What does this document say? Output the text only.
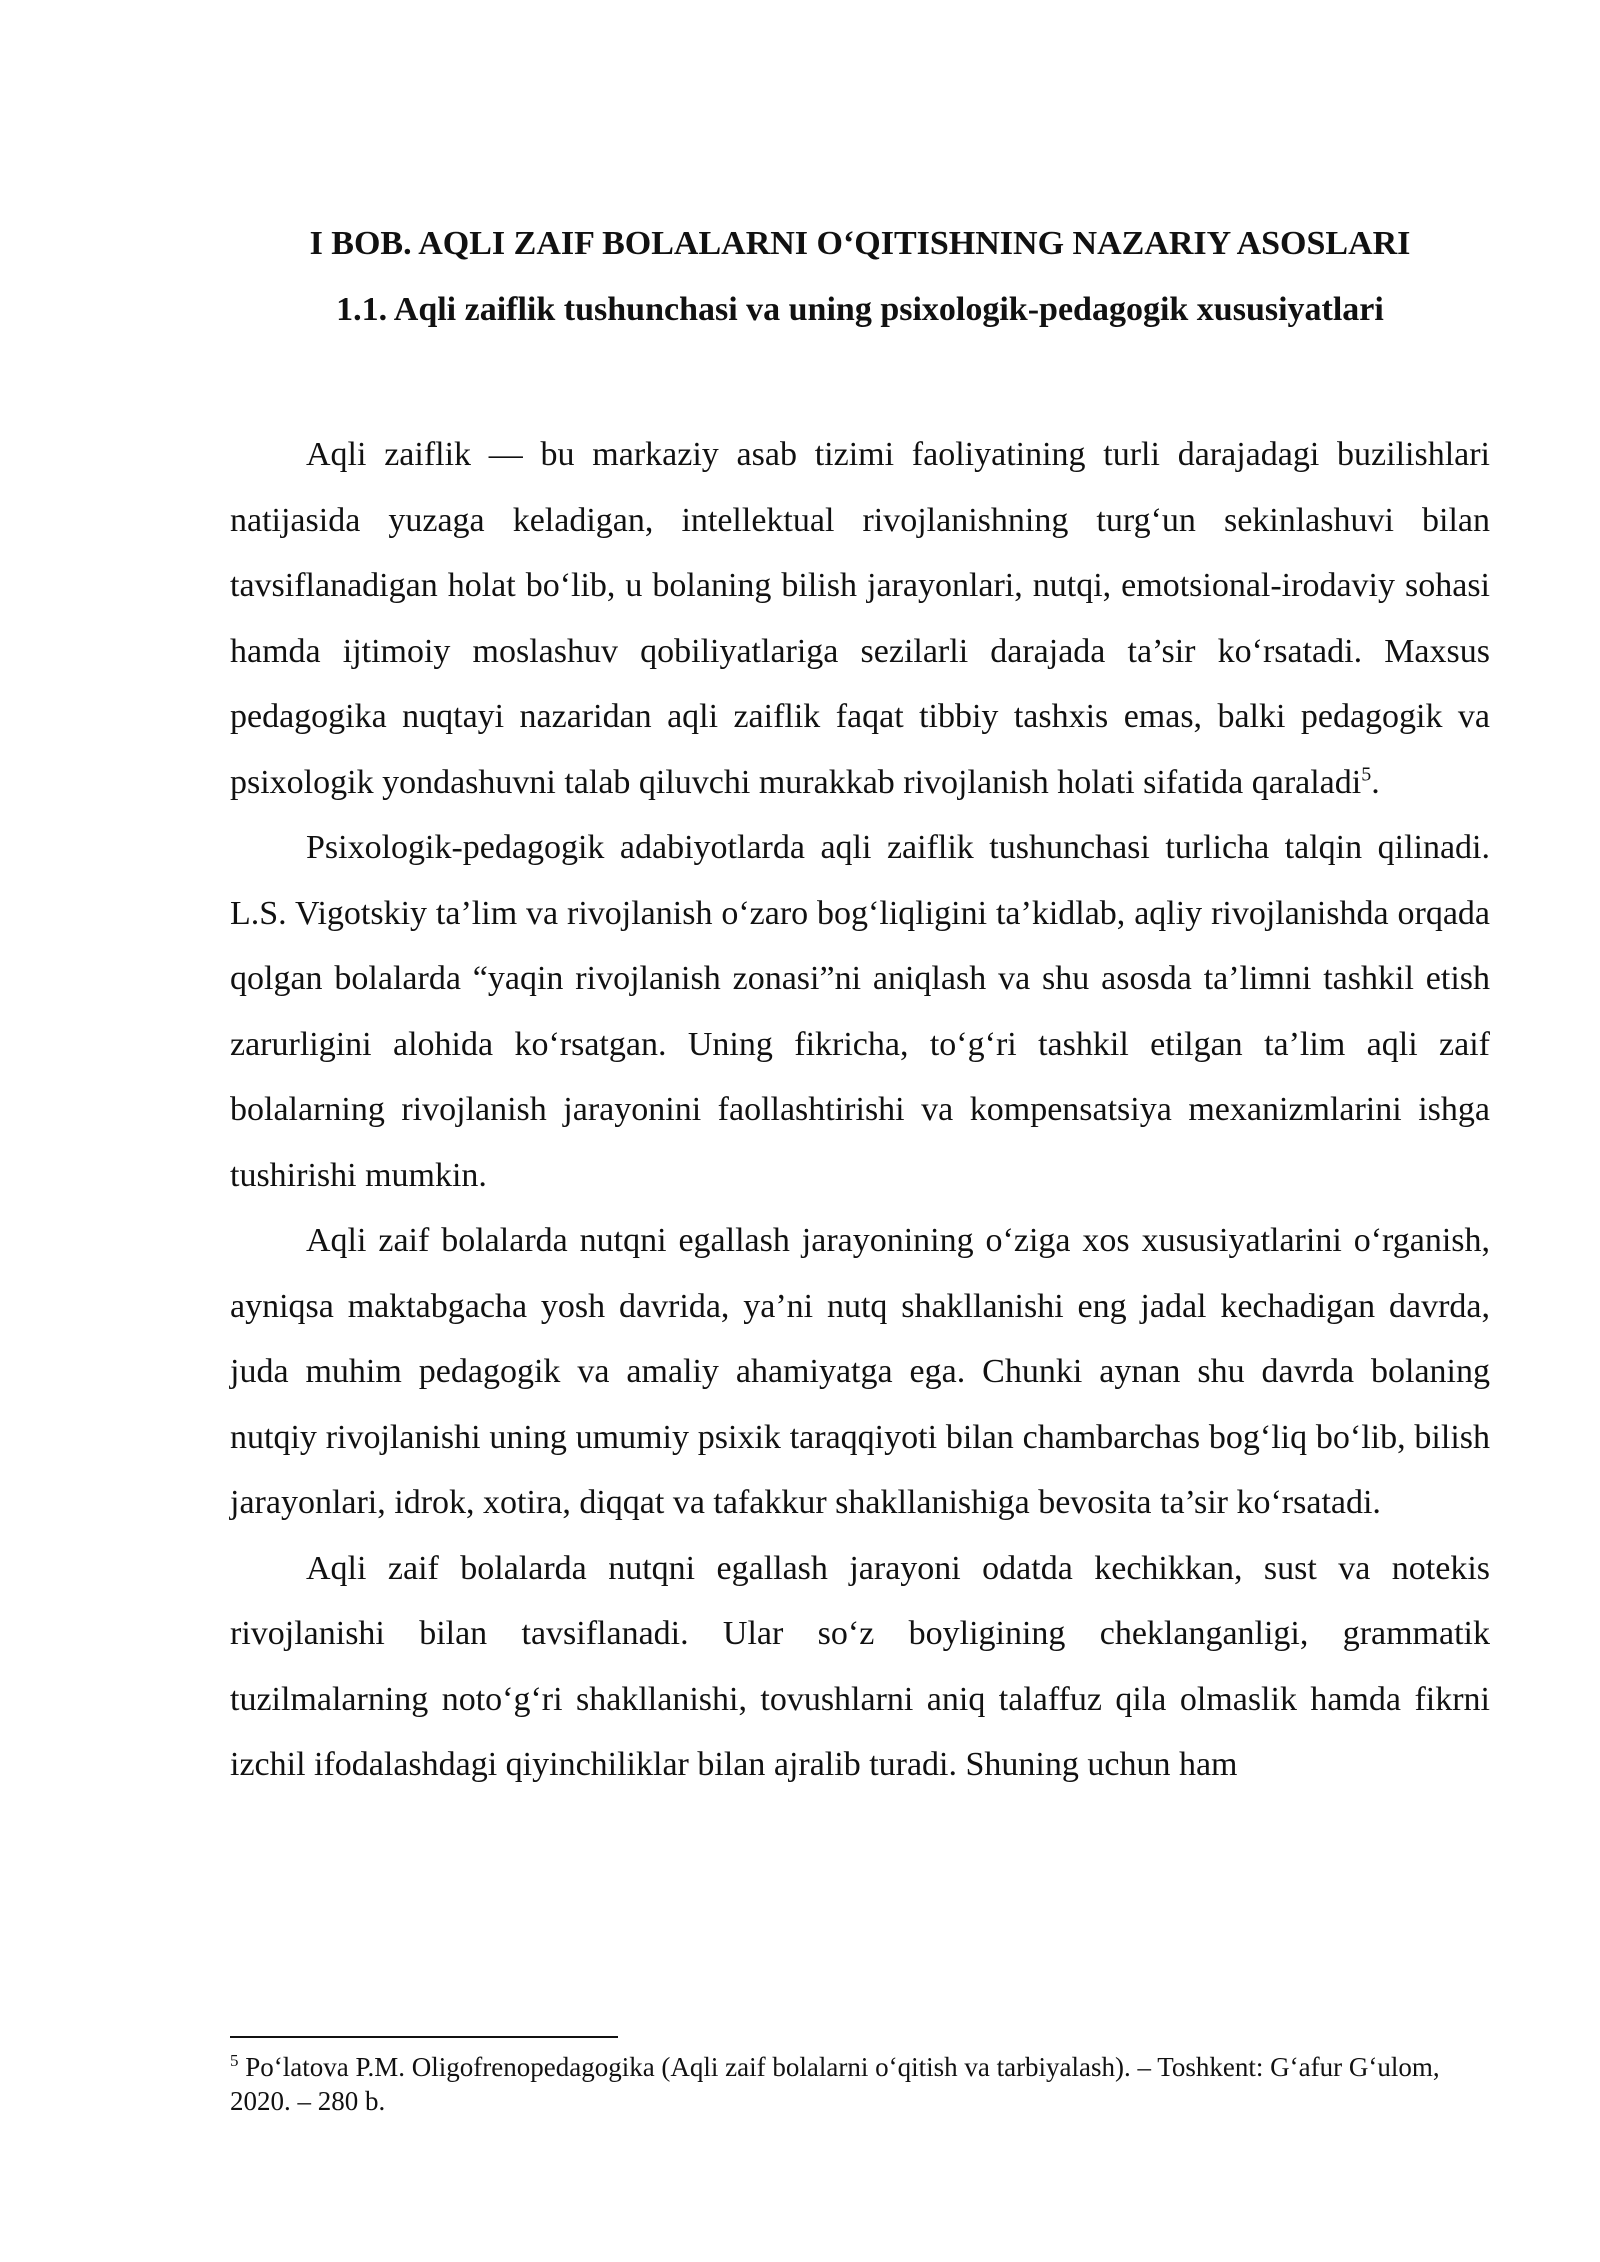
I BOB. AQLI ZAIF BOLALARNI O‘QITISHNING NAZARIY ASOSLARI
1.1. Aqli zaiflik tushunchasi va uning psixologik-pedagogik xususiyatlari

Aqli zaiflik — bu markaziy asab tizimi faoliyatining turli darajadagi buzilishlari natijasida yuzaga keladigan, intellektual rivojlanishning turg‘un sekinlashuvi bilan tavsiflanadigan holat bo‘lib, u bolaning bilish jarayonlari, nutqi, emotsional-irodaviy sohasi hamda ijtimoiy moslashuv qobiliyatlariga sezilarli darajada ta’sir ko‘rsatadi. Maxsus pedagogika nuqtayi nazaridan aqli zaiflik faqat tibbiy tashxis emas, balki pedagogik va psixologik yondashuvni talab qiluvchi murakkab rivojlanish holati sifatida qaraladi$^5$.

Psixologik-pedagogik adabiyotlarda aqli zaiflik tushunchasi turlicha talqin qilinadi. L.S. Vigotskiy ta’lim va rivojlanish o‘zaro bog‘liqligini ta’kidlab, aqliy rivojlanishda orqada qolgan bolalarda “yaqin rivojlanish zonasi”ni aniqlash va shu asosda ta’limni tashkil etish zarurligini alohida ko‘rsatgan. Uning fikricha, to‘g‘ri tashkil etilgan ta’lim aqli zaif bolalarning rivojlanish jarayonini faollashtirishi va kompensatsiya mexanizmlarini ishga tushirishi mumkin.

Aqli zaif bolalarda nutqni egallash jarayonining o‘ziga xos xususiyatlarini o‘rganish, ayniqsa maktabgacha yosh davrida, ya’ni nutq shakllanishi eng jadal kechadigan davrda, juda muhim pedagogik va amaliy ahamiyatga ega. Chunki aynan shu davrda bolaning nutqiy rivojlanishi uning umumiy psixik taraqqiyoti bilan chambarchas bog‘liq bo‘lib, bilish jarayonlari, idrok, xotira, diqqat va tafakkur shakllanishiga bevosita ta’sir ko‘rsatadi.

Aqli zaif bolalarda nutqni egallash jarayoni odatda kechikkan, sust va notekis rivojlanishi bilan tavsiflanadi. Ular so‘z boyligining cheklanganligi, grammatik tuzilmalarning noto‘g‘ri shakllanishi, tovushlarni aniq talaffuz qila olmaslik hamda fikrni izchil ifodalashdagi qiyinchiliklar bilan ajralib turadi. Shuning uchun ham

$^5$ Po‘latova P.M. Oligofrenopedagogika (Aqli zaif bolalarni o‘qitish va tarbiyalash). – Toshkent: G‘afur G‘ulom, 2020. – 280 b.
